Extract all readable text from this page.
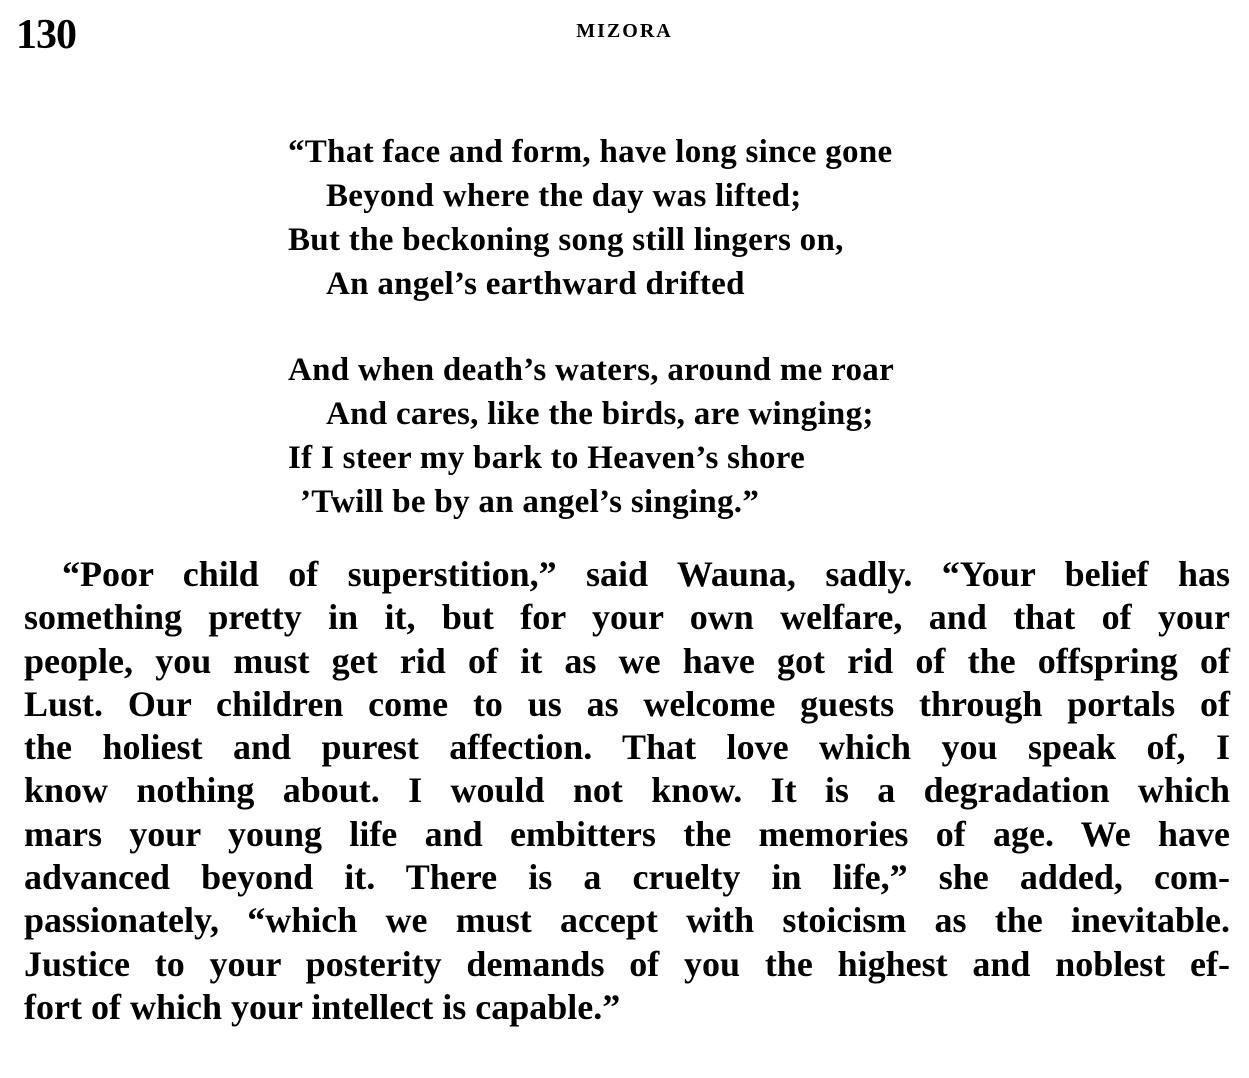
130	MIZORA
“That face and form, have long since gone
Beyond where the day was lifted;
But the beckoning song still lingers on,
An angel’s earthward drifted
And when death’s waters, around me roar
And cares, like the birds, are winging;
If I steer my bark to Heaven’s shore
’Twill be by an angel’s singing.”
“Poor child of superstition,” said Wauna, sadly. “Your belief has
something pretty in it, but for your own welfare, and that of your
people, you must get rid of it as we have got rid of the offspring of
Lust. Our children come to us as welcome guests through portals of
the holiest and purest affection. That love which you speak of, I
know nothing about. I would not know. It is a degradation which
mars your young life and embitters the memories of age. We have
advanced beyond it. There is a cruelty in life,” she added, com-
passionately, “which we must accept with stoicism as the inevitable.
Justice to your posterity demands of you the highest and noblest ef-
fort of which your intellect is capable.”
